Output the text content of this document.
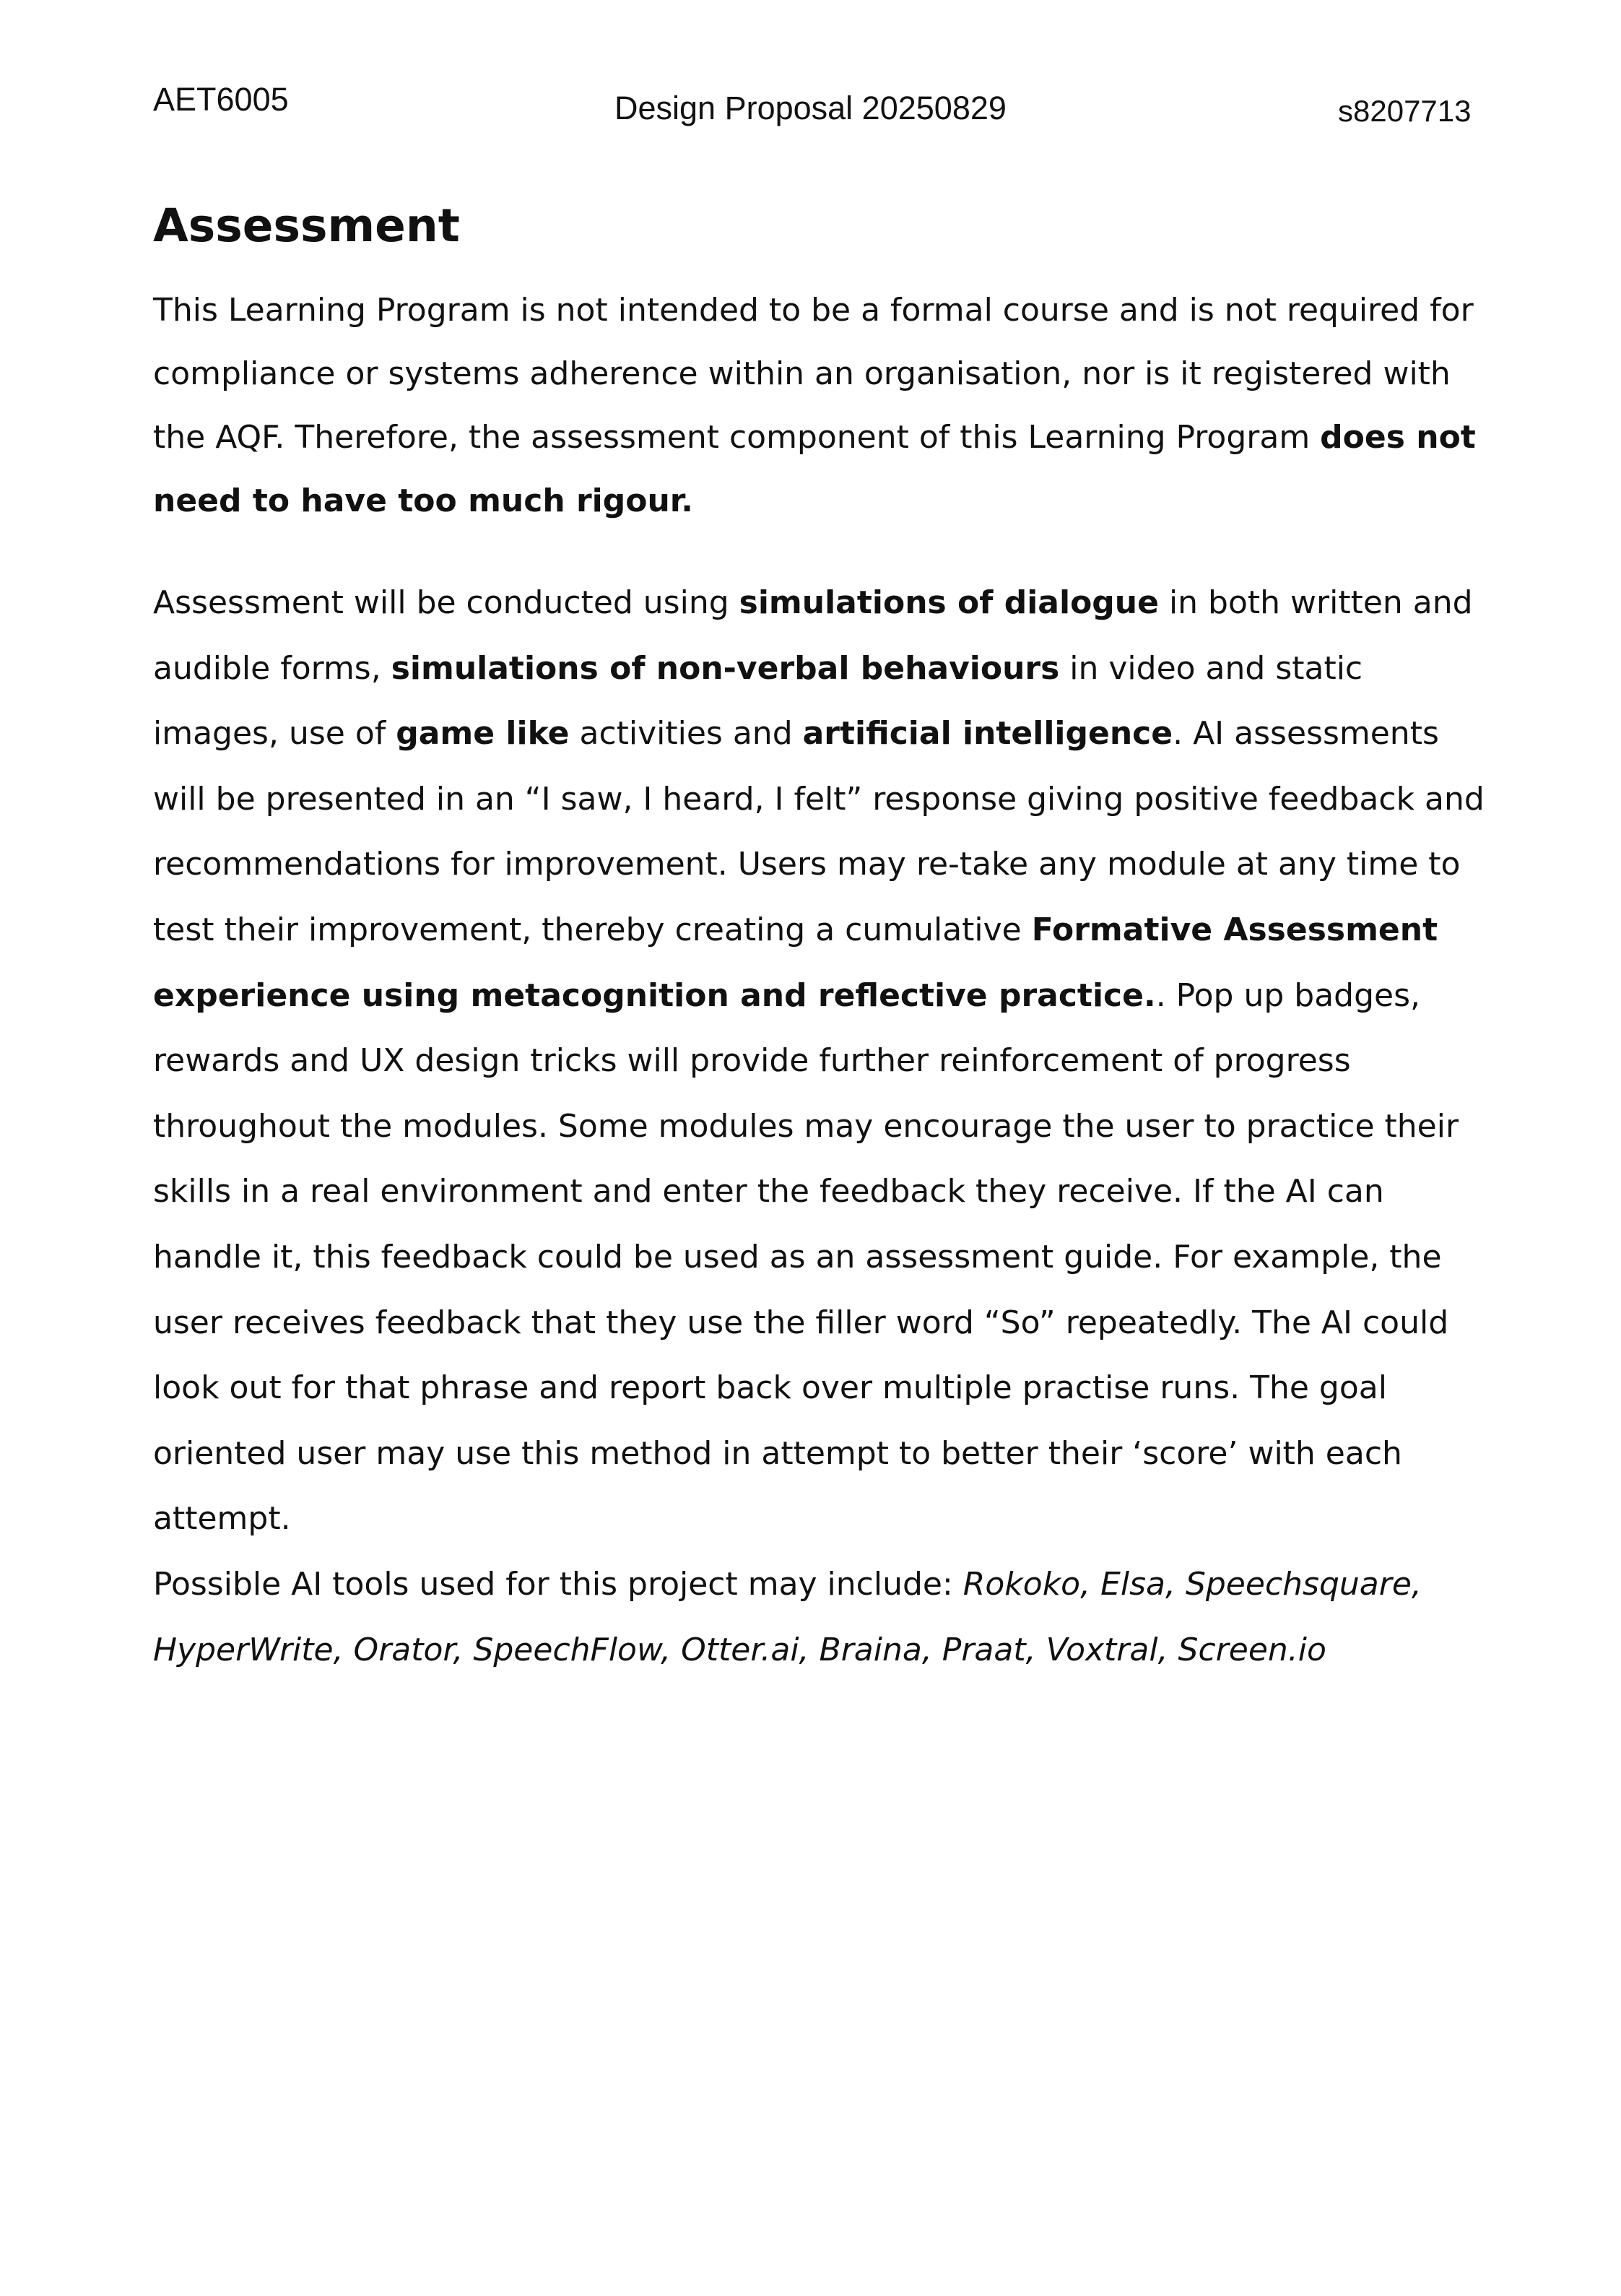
AET6005	Design Proposal 20250829	s8207713
Assessment

This Learning Program is not intended to be a formal course and is not required for compliance or systems adherence within an organisation, nor is it registered with the AQF. Therefore, the assessment component of this Learning Program does not need to have too much rigour.

Assessment will be conducted using simulations of dialogue in both written and audible forms, simulations of non-verbal behaviours in video and static images, use of game like activities and artificial intelligence. AI assessments will be presented in an “I saw, I heard, I felt” response giving positive feedback and recommendations for improvement. Users may re-take any module at any time to test their improvement, thereby creating a cumulative Formative Assessment experience using metacognition and reflective practice.. Pop up badges, rewards and UX design tricks will provide further reinforcement of progress throughout the modules. Some modules may encourage the user to practice their skills in a real environment and enter the feedback they receive. If the AI can handle it, this feedback could be used as an assessment guide. For example, the user receives feedback that they use the filler word “So” repeatedly. The AI could look out for that phrase and report back over multiple practise runs. The goal oriented user may use this method in attempt to better their ‘score’ with each attempt.

Possible AI tools used for this project may include: Rokoko, Elsa, Speechsquare, HyperWrite, Orator, SpeechFlow, Otter.ai, Braina, Praat, Voxtral, Screen.io
